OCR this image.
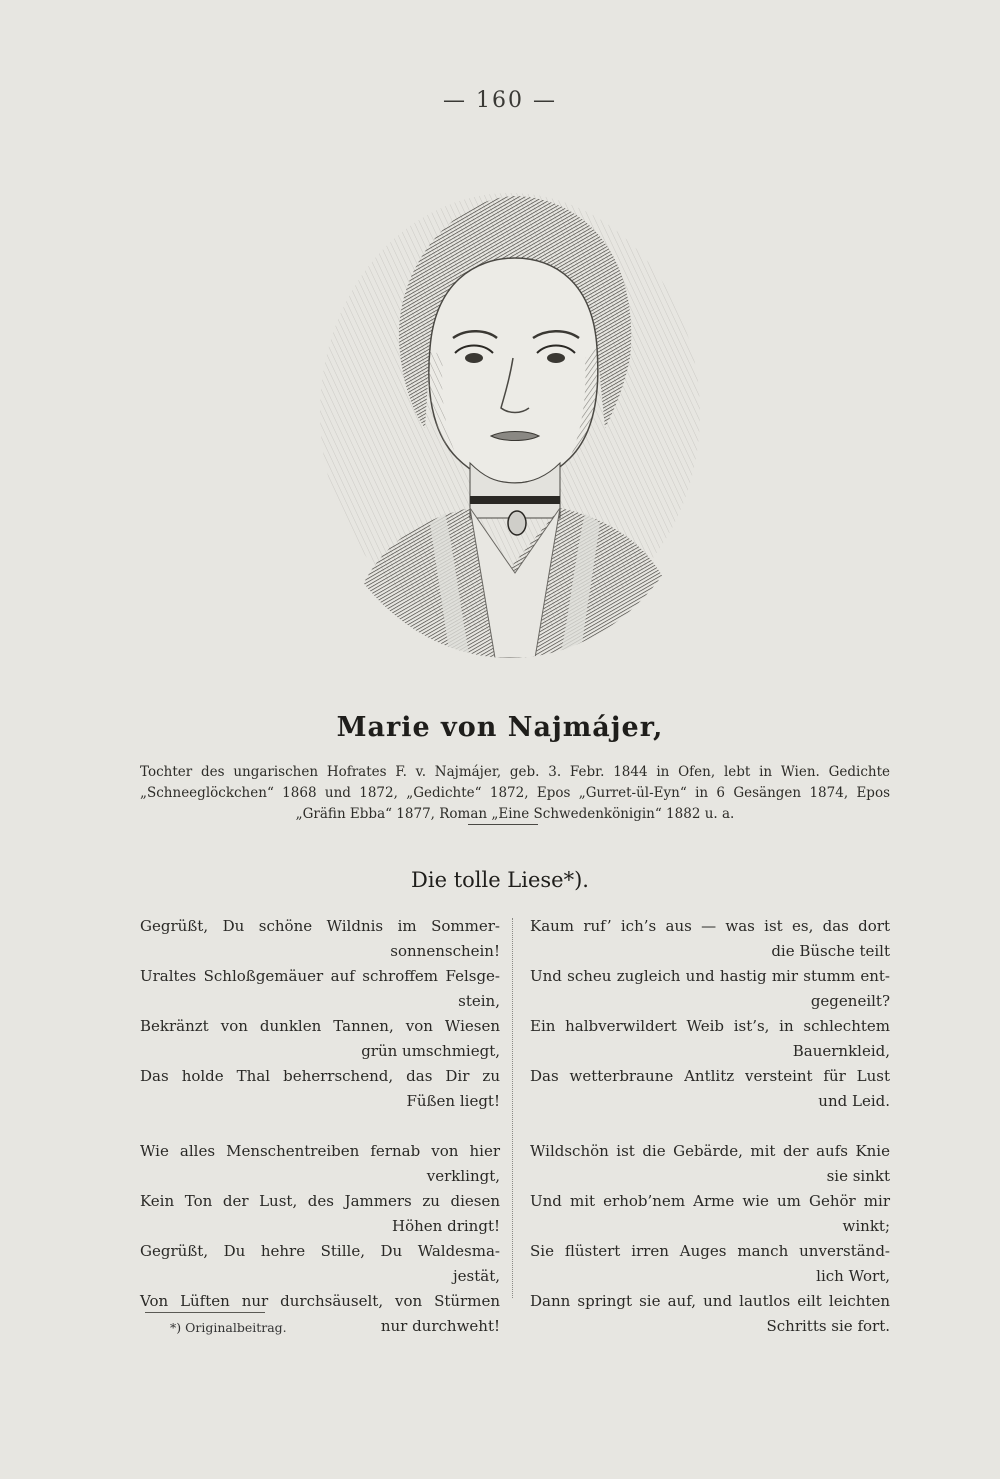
— 160 —
Marie von Najmájer,
Tochter des ungarischen Hofrates F. v. Najmájer, geb. 3. Febr. 1844 in Ofen, lebt in Wien. Gedichte „Schneeglöckchen“ 1868 und 1872, „Gedichte“ 1872, Epos „Gurret-ül-Eyn“ in 6 Gesängen 1874, Epos „Gräfin Ebba“ 1877, Roman „Eine Schwedenkönigin“ 1882 u. a.
Die tolle Liese*).
Gegrüßt, Du schöne Wildnis im Sommer-
sonnenschein!
Uraltes Schloßgemäuer auf schroffem Felsge-
stein,
Bekränzt von dunklen Tannen, von Wiesen
grün umschmiegt,
Das holde Thal beherrschend, das Dir zu
Füßen liegt!
Wie alles Menschentreiben fernab von hier
verklingt,
Kein Ton der Lust, des Jammers zu diesen
Höhen dringt!
Gegrüßt, Du hehre Stille, Du Waldesma-
jestät,
Von Lüften nur durchsäuselt, von Stürmen
nur durchweht!
Kaum ruf’ ich’s aus — was ist es, das dort
die Büsche teilt
Und scheu zugleich und hastig mir stumm ent-
gegeneilt?
Ein halbverwildert Weib ist’s, in schlechtem
Bauernkleid,
Das wetterbraune Antlitz versteint für Lust
und Leid.
Wildschön ist die Gebärde, mit der aufs Knie
sie sinkt
Und mit erhob’nem Arme wie um Gehör mir
winkt;
Sie flüstert irren Auges manch unverständ-
lich Wort,
Dann springt sie auf, und lautlos eilt leichten
Schritts sie fort.
*) Originalbeitrag.
